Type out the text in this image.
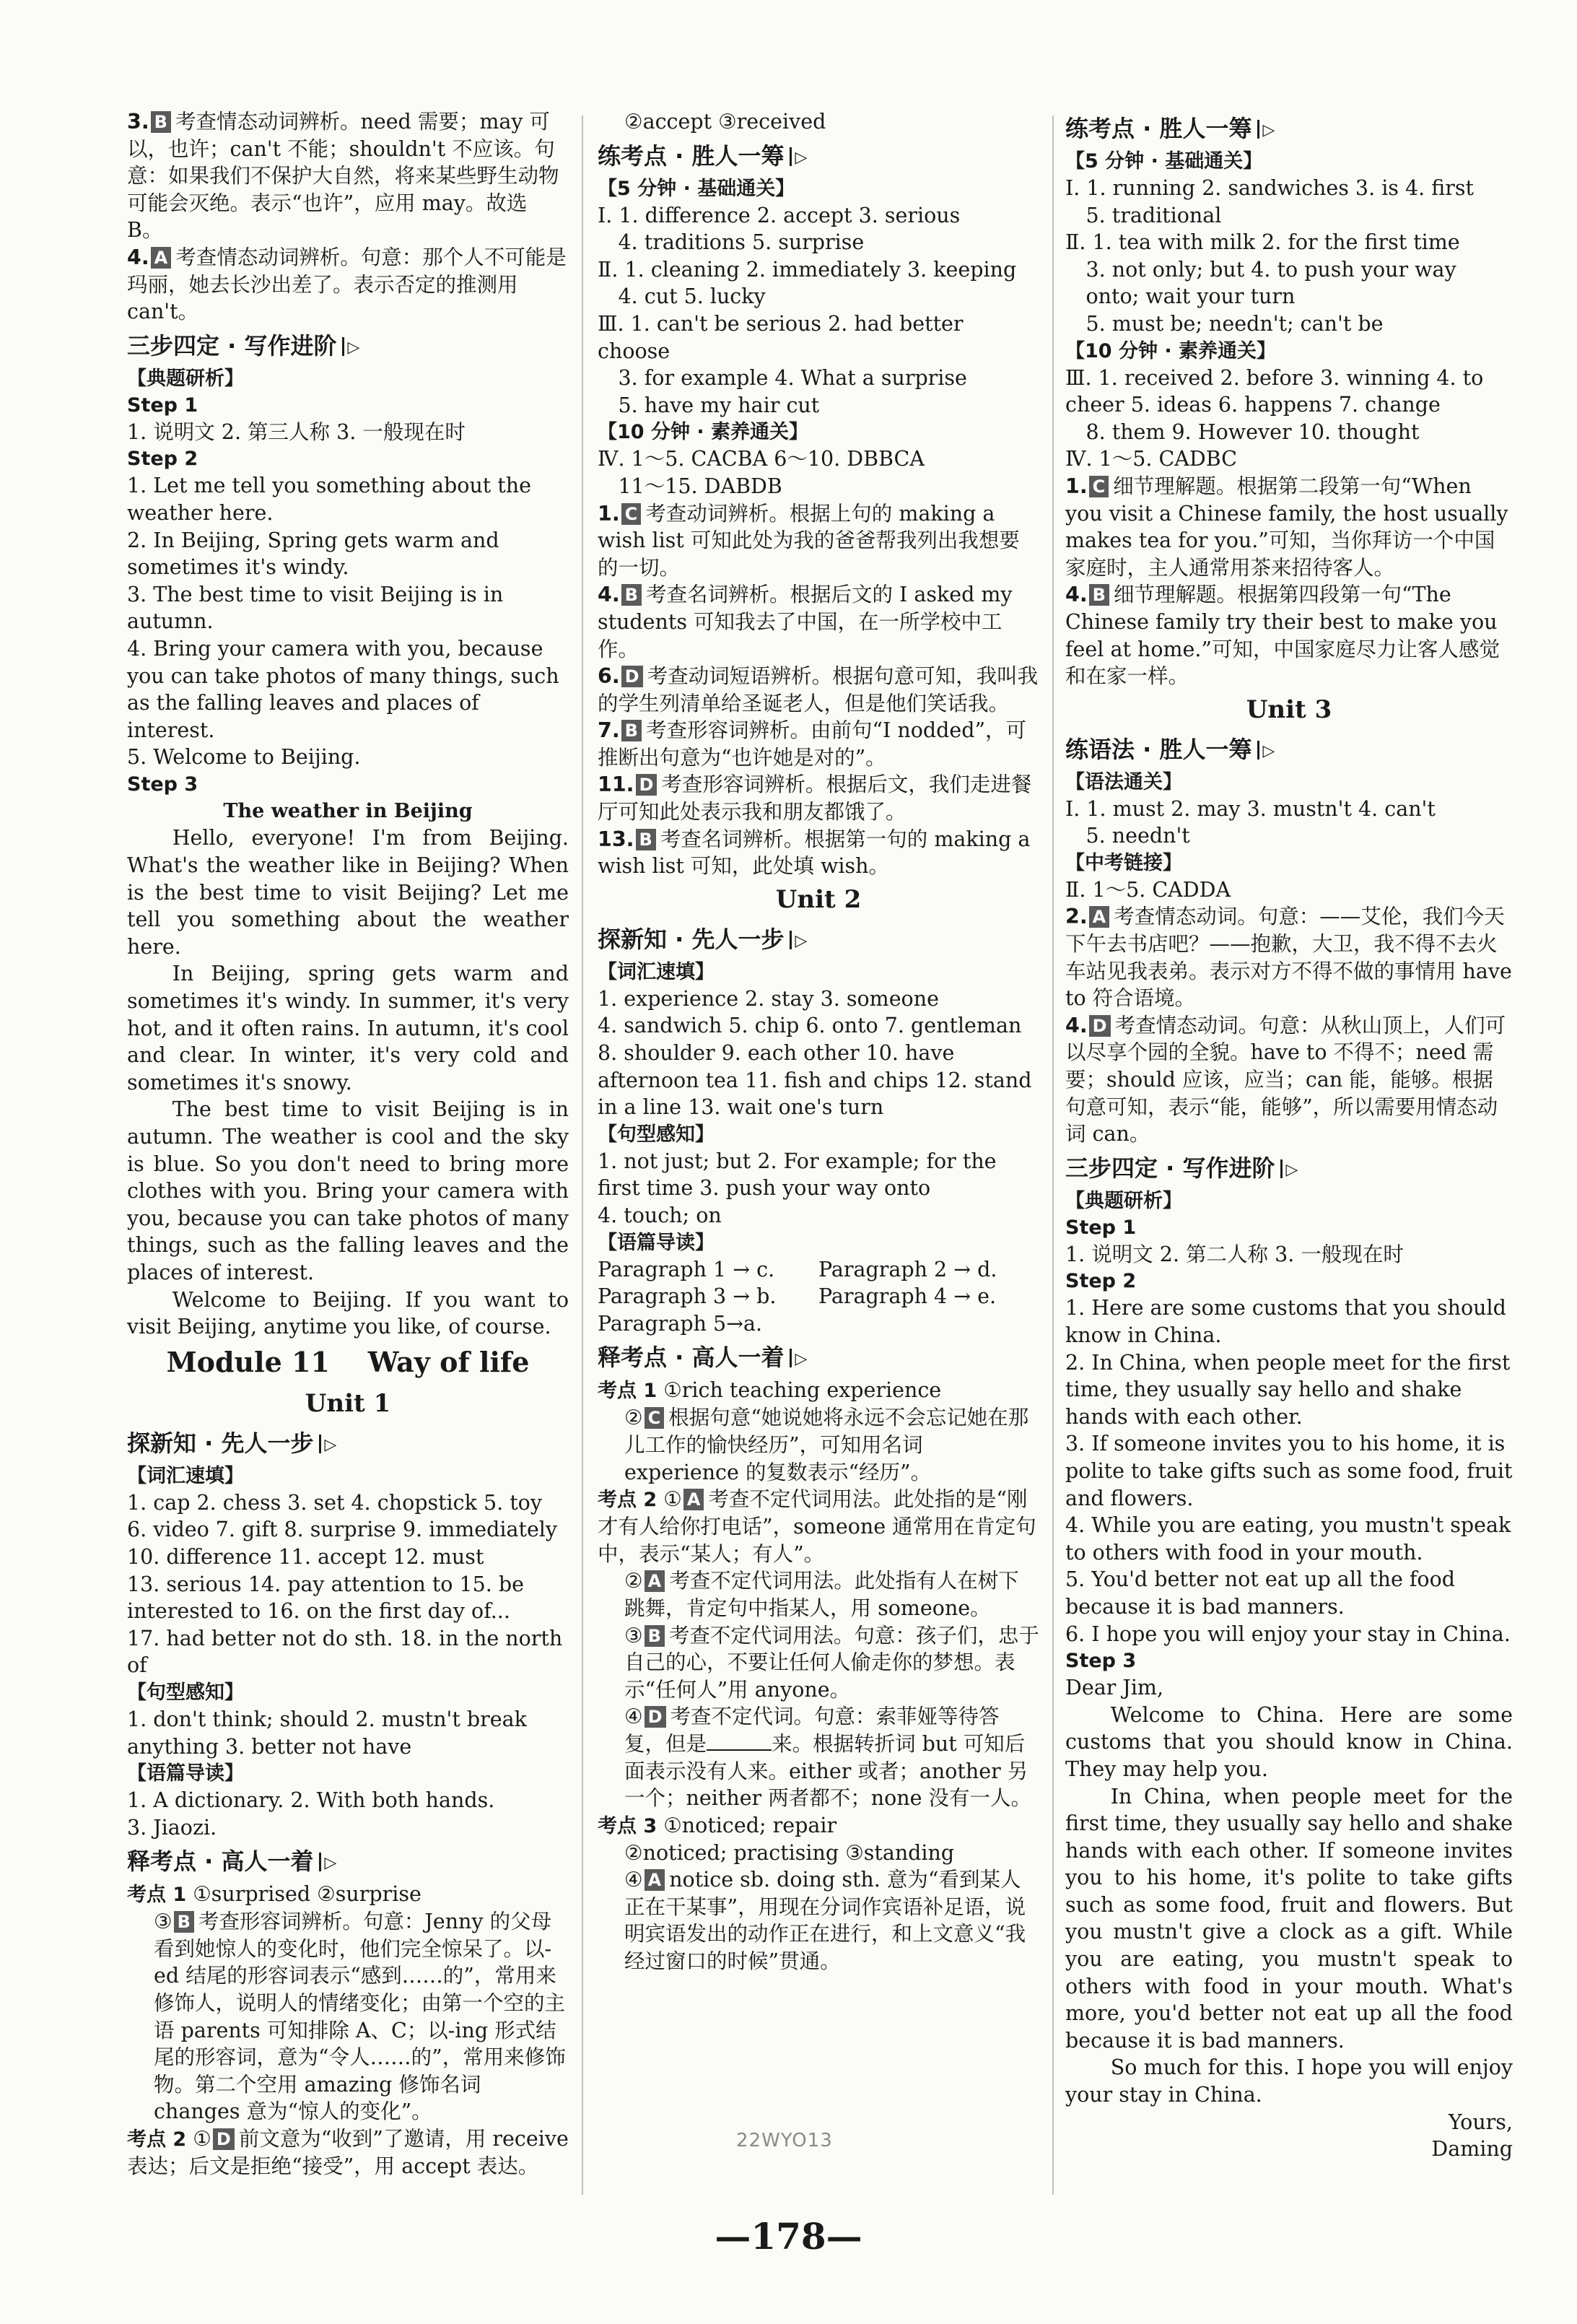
3. B 考查情态动词辨析。need 需要；may 可以，也许；can't 不能；shouldn't 不应该。句意：如果我们不保护大自然，将来某些野生动物可能会灭绝。表示“也许”，应用 may。故选 B。

4. A 考查情态动词辨析。句意：那个人不可能是玛丽，她去长沙出差了。表示否定的推测用 can't。

三步四定 · 写作进阶 ▷
【典题研析】
Step 1

1. 说明文 2. 第三人称 3. 一般现在时

Step 2

1. Let me tell you something about the weather here.

2. In Beijing, Spring gets warm and sometimes it's windy.

3. The best time to visit Beijing is in autumn.

4. Bring your camera with you, because you can take photos of many things, such as the falling leaves and places of interest.

5. Welcome to Beijing.

Step 3
The weather in Beijing

Hello, everyone! I'm from Beijing. What's the weather like in Beijing? When is the best time to visit Beijing? Let me tell you something about the weather here.

In Beijing, spring gets warm and sometimes it's windy. In summer, it's very hot, and it often rains. In autumn, it's cool and clear. In winter, it's very cold and sometimes it's snowy.

The best time to visit Beijing is in autumn. The weather is cool and the sky is blue. So you don't need to bring more clothes with you. Bring your camera with you, because you can take photos of many things, such as the falling leaves and the places of interest.

Welcome to Beijing. If you want to visit Beijing, anytime you like, of course.

Module 11    Way of life
Unit 1
探新知 · 先人一步 ▷
【词汇速填】

1. cap 2. chess 3. set 4. chopstick 5. toy

6. video 7. gift 8. surprise 9. immediately

10. difference 11. accept 12. must

13. serious 14. pay attention to 15. be interested to 16. on the first day of...

17. had better not do sth. 18. in the north of

【句型感知】

1. don't think; should 2. mustn't break anything 3. better not have

【语篇导读】

1. A dictionary. 2. With both hands.

3. Jiaozi.

释考点 · 高人一着 ▷

考点 1 ①surprised ②surprise

③ B 考查形容词辨析。句意：Jenny 的父母看到她惊人的变化时，他们完全惊呆了。以-ed 结尾的形容词表示“感到……的”，常用来修饰人，说明人的情绪变化；由第一个空的主语 parents 可知排除 A、C；以-ing 形式结尾的形容词，意为“令人……的”，常用来修饰物。第二个空用 amazing 修饰名词 changes 意为“惊人的变化”。

考点 2 ① D 前文意为“收到”了邀请，用 receive 表达；后文是拒绝“接受”，用 accept 表达。

②accept ③received

练考点 · 胜人一筹 ▷
【5 分钟 · 基础通关】

Ⅰ. 1. difference 2. accept 3. serious

4. traditions 5. surprise

Ⅱ. 1. cleaning 2. immediately 3. keeping

4. cut 5. lucky

Ⅲ. 1. can't be serious 2. had better choose

3. for example 4. What a surprise

5. have my hair cut

【10 分钟 · 素养通关】

Ⅳ. 1～5. CACBA 6～10. DBBCA

11～15. DABDB

1. C 考查动词辨析。根据上句的 making a wish list 可知此处为我的爸爸帮我列出我想要的一切。

4. B 考查名词辨析。根据后文的 I asked my students 可知我去了中国，在一所学校中工作。

6. D 考查动词短语辨析。根据句意可知，我叫我的学生列清单给圣诞老人，但是他们笑话我。

7. B 考查形容词辨析。由前句“I nodded”，可推断出句意为“也许她是对的”。

11. D 考查形容词辨析。根据后文，我们走进餐厅可知此处表示我和朋友都饿了。

13. B 考查名词辨析。根据第一句的 making a wish list 可知，此处填 wish。

Unit 2
探新知 · 先人一步 ▷
【词汇速填】

1. experience 2. stay 3. someone

4. sandwich 5. chip 6. onto 7. gentleman

8. shoulder 9. each other 10. have afternoon tea 11. fish and chips 12. stand in a line 13. wait one's turn

【句型感知】

1. not just; but 2. For example; for the first time 3. push your way onto

4. touch; on

【语篇导读】

Paragraph 1 → c.	Paragraph 2 → d.

Paragraph 3 → b.	Paragraph 4 → e.

Paragraph 5→a.

释考点 · 高人一着 ▷

考点 1 ①rich teaching experience

② C 根据句意“她说她将永远不会忘记她在那儿工作的愉快经历”，可知用名词 experience 的复数表示“经历”。

考点 2 ① A 考查不定代词用法。此处指的是“刚才有人给你打电话”，someone 通常用在肯定句中，表示“某人；有人”。

② A 考查不定代词用法。此处指有人在树下跳舞，肯定句中指某人，用 someone。

③ B 考查不定代词用法。句意：孩子们，忠于自己的心，不要让任何人偷走你的梦想。表示“任何人”用 anyone。

④ D 考查不定代词。句意：索菲娅等待答复，但是	来。根据转折词 but 可知后面表示没有人来。either 或者；another 另一个；neither 两者都不；none 没有一人。

考点 3 ①noticed; repair

②noticed; practising ③standing

④ A notice sb. doing sth. 意为“看到某人正在干某事”，用现在分词作宾语补足语，说明宾语发出的动作正在进行，和上文意义“我经过窗口的时候”贯通。

练考点 · 胜人一筹 ▷
【5 分钟 · 基础通关】

Ⅰ. 1. running 2. sandwiches 3. is 4. first

5. traditional

Ⅱ. 1. tea with milk 2. for the first time

3. not only; but 4. to push your way onto; wait your turn

5. must be; needn't; can't be

【10 分钟 · 素养通关】

Ⅲ. 1. received 2. before 3. winning 4. to cheer 5. ideas 6. happens 7. change

8. them 9. However 10. thought

Ⅳ. 1～5. CADBC

1. C 细节理解题。根据第二段第一句“When you visit a Chinese family, the host usually makes tea for you.”可知，当你拜访一个中国家庭时，主人通常用茶来招待客人。

4. B 细节理解题。根据第四段第一句“The Chinese family try their best to make you feel at home.”可知，中国家庭尽力让客人感觉和在家一样。

Unit 3
练语法 · 胜人一筹 ▷
【语法通关】

Ⅰ. 1. must 2. may 3. mustn't 4. can't

5. needn't

【中考链接】

Ⅱ. 1～5. CADDA

2. A 考查情态动词。句意：——艾伦，我们今天下午去书店吧？——抱歉，大卫，我不得不去火车站见我表弟。表示对方不得不做的事情用 have to 符合语境。

4. D 考查情态动词。句意：从秋山顶上，人们可以尽享个园的全貌。have to 不得不；need 需要；should 应该，应当；can 能，能够。根据句意可知，表示“能，能够”，所以需要用情态动词 can。

三步四定 · 写作进阶 ▷
【典题研析】
Step 1

1. 说明文 2. 第二人称 3. 一般现在时

Step 2

1. Here are some customs that you should know in China.

2. In China, when people meet for the first time, they usually say hello and shake hands with each other.

3. If someone invites you to his home, it is polite to take gifts such as some food, fruit and flowers.

4. While you are eating, you mustn't speak to others with food in your mouth.

5. You'd better not eat up all the food because it is bad manners.

6. I hope you will enjoy your stay in China.

Step 3

Dear Jim,

Welcome to China. Here are some customs that you should know in China. They may help you.

In China, when people meet for the first time, they usually say hello and shake hands with each other. If someone invites you to his home, it's polite to take gifts such as some food, fruit and flowers. But you mustn't give a clock as a gift. While you are eating, you mustn't speak to others with food in your mouth. What's more, you'd better not eat up all the food because it is bad manners.

So much for this. I hope you will enjoy your stay in China.

Yours,

Daming

22WYO13
—178—
